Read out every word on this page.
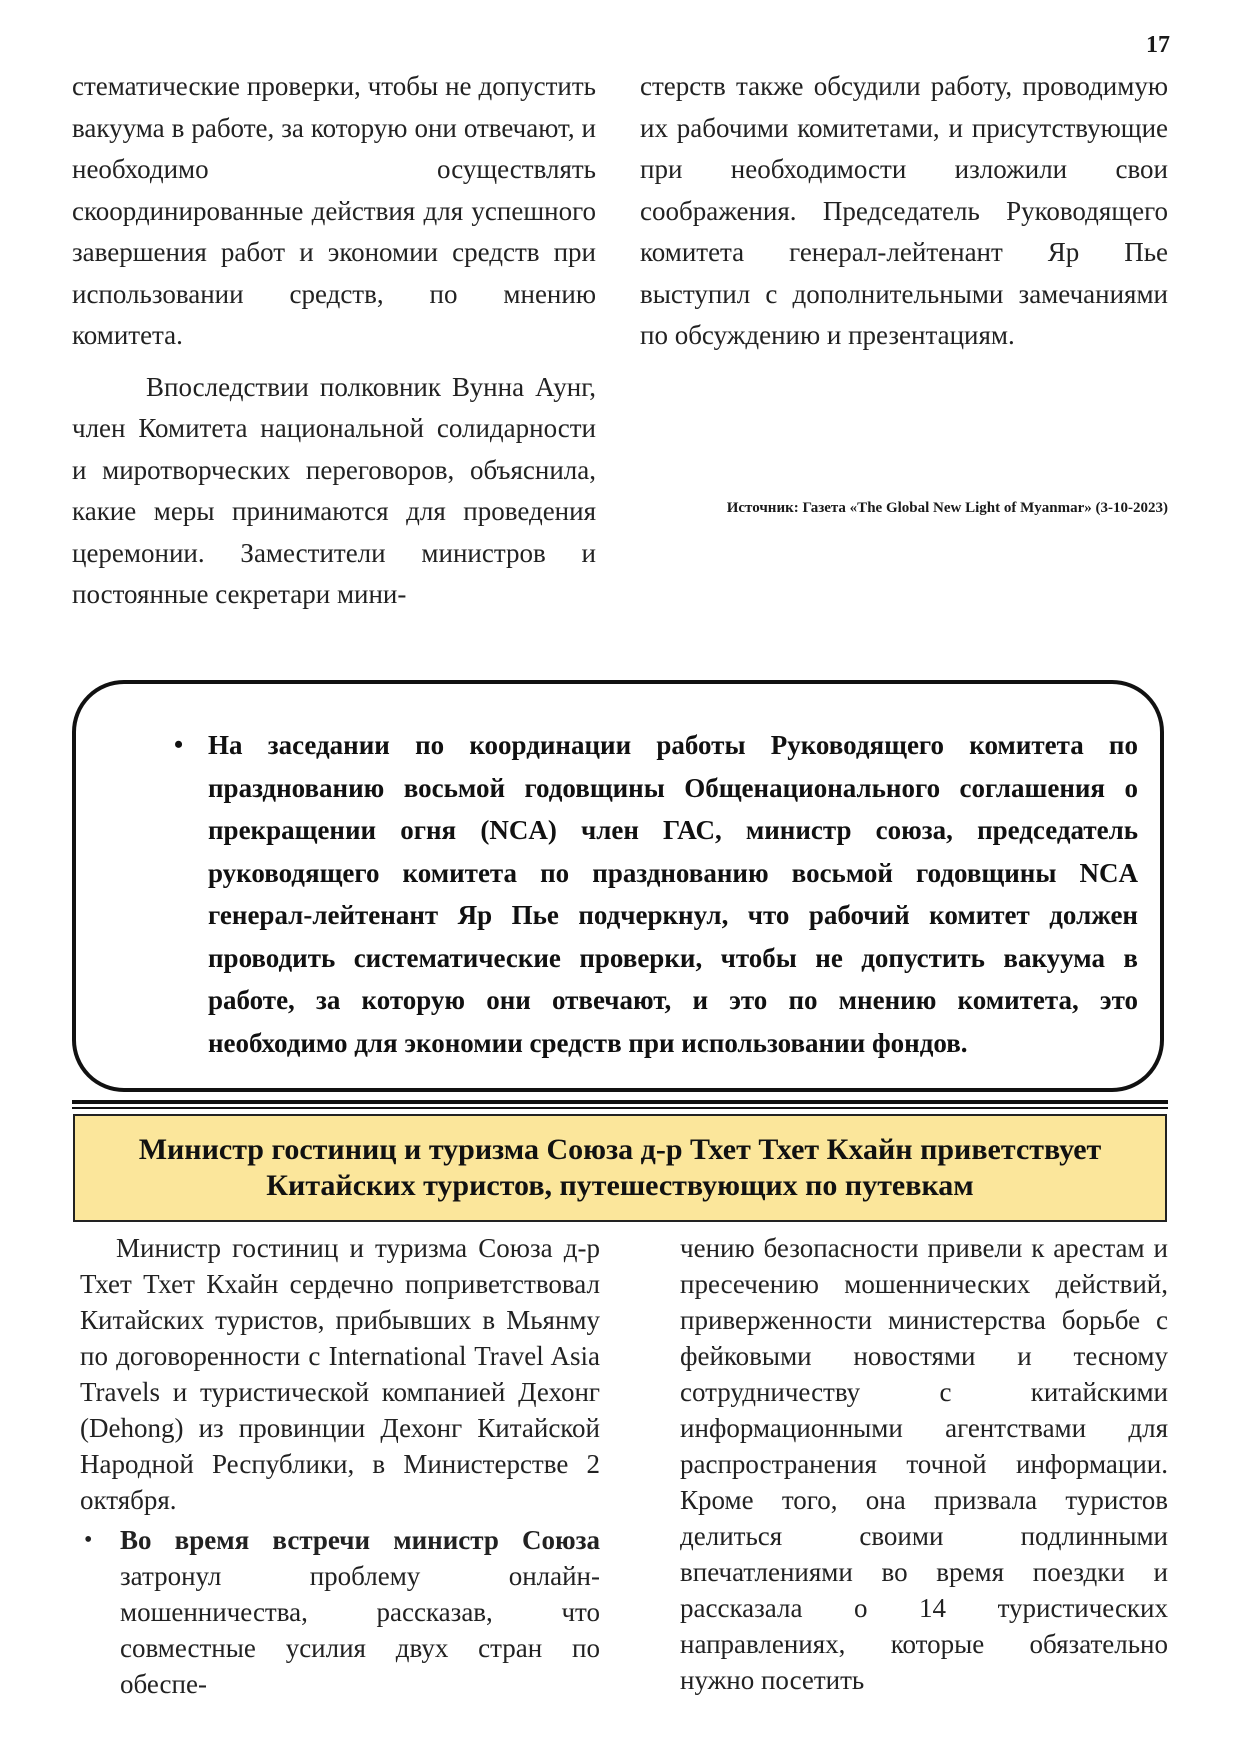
17

стематические проверки, чтобы не допустить вакуума в работе, за которую они отвечают, и необходимо осуществлять скоординированные действия для успешного завершения работ и экономии средств при использовании средств, по мнению комитета.

Впоследствии полковник Вунна Аунг, член Комитета национальной солидарности и миротворческих переговоров, объяснила, какие меры принимаются для проведения церемонии. Заместители министров и постоянные секретари мини-

стерств также обсудили работу, проводимую их рабочими комитетами, и присутствующие при необходимости изложили свои соображения. Председатель Руководящего комитета генерал-лейтенант Яр Пье выступил с дополнительными замечаниями по обсуждению и презентациям.

Источник: Газета «The Global New Light of Myanmar» (3-10-2023)
• На заседании по координации работы Руководящего комитета по празднованию восьмой годовщины Общенационального соглашения о прекращении огня (NCA) член ГАС, министр союза, председатель руководящего комитета по празднованию восьмой годовщины NCA генерал-лейтенант Яр Пье подчеркнул, что рабочий комитет должен проводить систематические проверки, чтобы не допустить вакуума в работе, за которую они отвечают, и это по мнению комитета, это необходимо для экономии средств при использовании фондов.
Министр гостиниц и туризма Союза д-р Тхет Тхет Кхайн приветствует
Китайских туристов, путешествующих по путевкам

Министр гостиниц и туризма Союза д-р Тхет Тхет Кхайн сердечно поприветствовал Китайских туристов, прибывших в Мьянму по договоренности с International Travel Asia Travels и туристической компанией Дехонг (Dehong) из провинции Дехонг Китайской Народной Республики, в Министерстве 2 октября.

• Во время встречи министр Союза затронул проблему онлайн-мошенничества, рассказав, что совместные усилия двух стран по обеспе-

чению безопасности привели к арестам и пресечению мошеннических действий, приверженности министерства борьбе с фейковыми новостями и тесному сотрудничеству с китайскими информационными агентствами для распространения точной информации. Кроме того, она призвала туристов делиться своими подлинными впечатлениями во время поездки и рассказала о 14 туристических направлениях, которые обязательно нужно посетить
